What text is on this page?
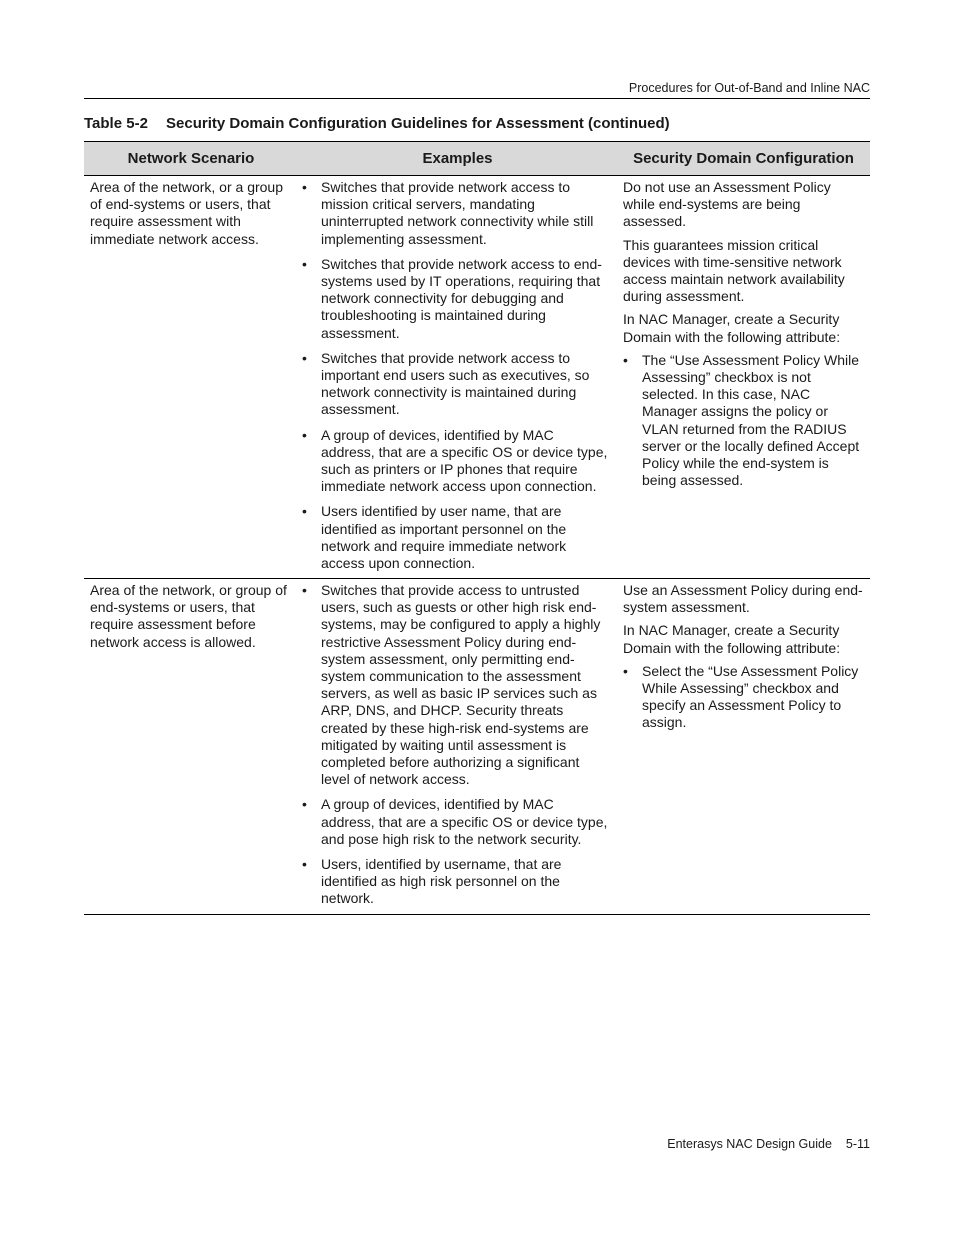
Procedures for Out-of-Band and Inline NAC
Table 5-2 Security Domain Configuration Guidelines for Assessment (continued)
Network Scenario	Examples	Security Domain Configuration
Area of the network, or a group of end-systems or users, that require assessment with immediate network access.
• Switches that provide network access to mission critical servers, mandating uninterrupted network connectivity while still implementing assessment.
• Switches that provide network access to end-systems used by IT operations, requiring that network connectivity for debugging and troubleshooting is maintained during assessment.
• Switches that provide network access to important end users such as executives, so network connectivity is maintained during assessment.
• A group of devices, identified by MAC address, that are a specific OS or device type, such as printers or IP phones that require immediate network access upon connection.
• Users identified by user name, that are identified as important personnel on the network and require immediate network access upon connection.

Do not use an Assessment Policy while end-systems are being assessed.

This guarantees mission critical devices with time-sensitive network access maintain network availability during assessment.

In NAC Manager, create a Security Domain with the following attribute:

• The “Use Assessment Policy While Assessing” checkbox is not selected. In this case, NAC Manager assigns the policy or VLAN returned from the RADIUS server or the locally defined Accept Policy while the end-system is being assessed.
Area of the network, or group of end-systems or users, that require assessment before network access is allowed.
• Switches that provide access to untrusted users, such as guests or other high risk end-systems, may be configured to apply a highly restrictive Assessment Policy during end-system assessment, only permitting end-system communication to the assessment servers, as well as basic IP services such as ARP, DNS, and DHCP. Security threats created by these high-risk end-systems are mitigated by waiting until assessment is completed before authorizing a significant level of network access.
• A group of devices, identified by MAC address, that are a specific OS or device type, and pose high risk to the network security.
• Users, identified by username, that are identified as high risk personnel on the network.

Use an Assessment Policy during end-system assessment.

In NAC Manager, create a Security Domain with the following attribute:

• Select the “Use Assessment Policy While Assessing” checkbox and specify an Assessment Policy to assign.
Enterasys NAC Design Guide 5-11
